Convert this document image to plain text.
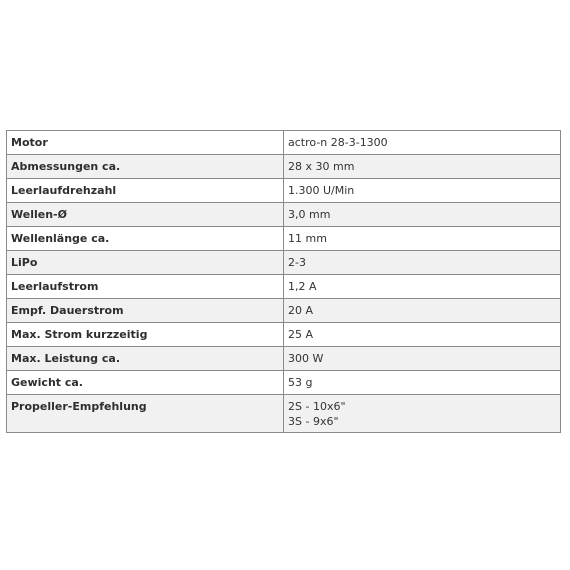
Motor	actro-n 28-3-1300
Abmessungen ca.	28 x 30 mm
Leerlaufdrehzahl	1.300 U/Min
Wellen-Ø	3,0 mm
Wellenlänge ca.	11 mm
LiPo	2-3
Leerlaufstrom	1,2 A
Empf. Dauerstrom	20 A
Max. Strom kurzzeitig	25 A
Max. Leistung ca.	300 W
Gewicht ca.	53 g
Propeller-Empfehlung	2S - 10x6"
3S - 9x6"
